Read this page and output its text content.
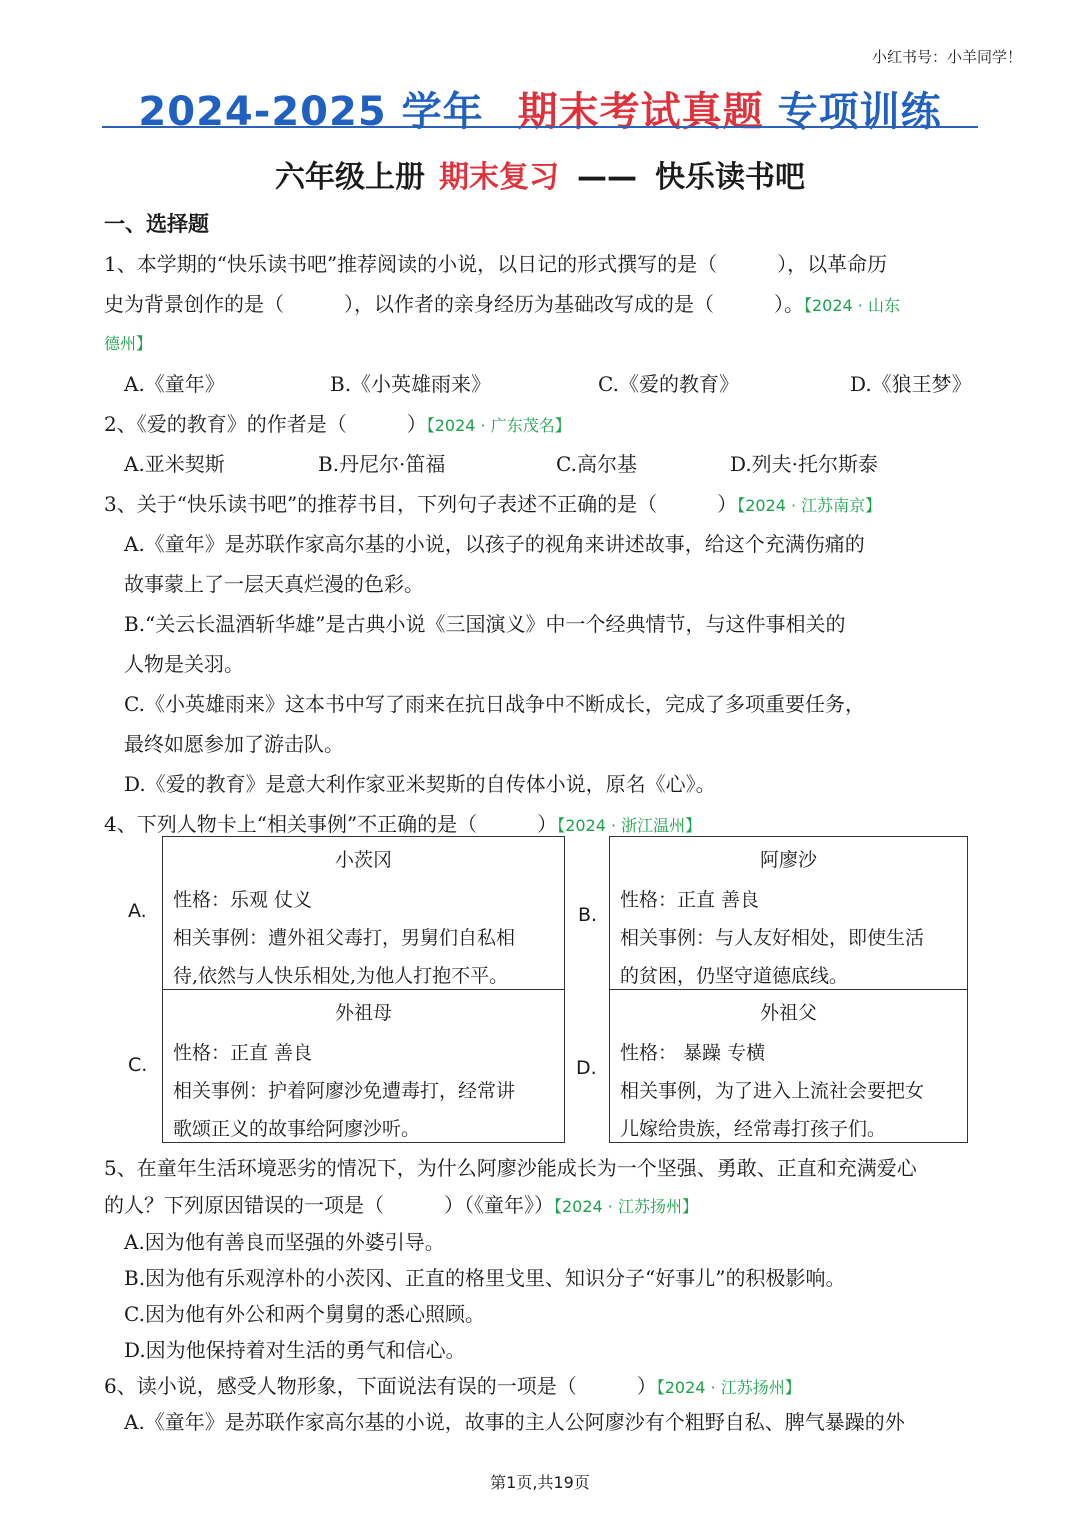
小红书号：小羊同学！
2024-2025 学年 期末考试真题 专项训练
六年级上册 期末复习 —— 快乐读书吧
一、选择题
1、本学期的“快乐读书吧”推荐阅读的小说，以日记的形式撰写的是（　　　），以革命历
史为背景创作的是（　　　），以作者的亲身经历为基础改写成的是（　　　）。【2024 · 山东
德州】
A.《童年》	B.《小英雄雨来》	C.《爱的教育》	D.《狼王梦》
2、《爱的教育》的作者是（　　　）【2024 · 广东茂名】
A.亚米契斯	B.丹尼尔·笛福	C.高尔基	D.列夫·托尔斯泰
3、关于“快乐读书吧”的推荐书目，下列句子表述不正确的是（　　　）【2024 · 江苏南京】
A.《童年》是苏联作家高尔基的小说，以孩子的视角来讲述故事，给这个充满伤痛的
故事蒙上了一层天真烂漫的色彩。
B.“关云长温酒斩华雄”是古典小说《三国演义》中一个经典情节，与这件事相关的
人物是关羽。
C.《小英雄雨来》这本书中写了雨来在抗日战争中不断成长，完成了多项重要任务，
最终如愿参加了游击队。
D.《爱的教育》是意大利作家亚米契斯的自传体小说，原名《心》。
4、下列人物卡上“相关事例”不正确的是（　　　）【2024 · 浙江温州】
A.
小茨冈
性格：乐观 仗义
相关事例：遭外祖父毒打，男舅们自私相
待,依然与人快乐相处,为他人打抱不平。
B.
阿廖沙
性格：正直 善良
相关事例：与人友好相处，即使生活
的贫困，仍坚守道德底线。
C.
外祖母
性格：正直 善良
相关事例：护着阿廖沙免遭毒打，经常讲
歌颂正义的故事给阿廖沙听。
D.
外祖父
性格： 暴躁 专横
相关事例，为了进入上流社会要把女
儿嫁给贵族，经常毒打孩子们。
5、在童年生活环境恶劣的情况下，为什么阿廖沙能成长为一个坚强、勇敢、正直和充满爱心
的人？下列原因错误的一项是（　　　）（《童年》）【2024 · 江苏扬州】
A.因为他有善良而坚强的外婆引导。
B.因为他有乐观淳朴的小茨冈、正直的格里戈里、知识分子“好事儿”的积极影响。
C.因为他有外公和两个舅舅的悉心照顾。
D.因为他保持着对生活的勇气和信心。
6、读小说，感受人物形象，下面说法有误的一项是（　　　）【2024 · 江苏扬州】
A.《童年》是苏联作家高尔基的小说，故事的主人公阿廖沙有个粗野自私、脾气暴躁的外
第1页,共19页
